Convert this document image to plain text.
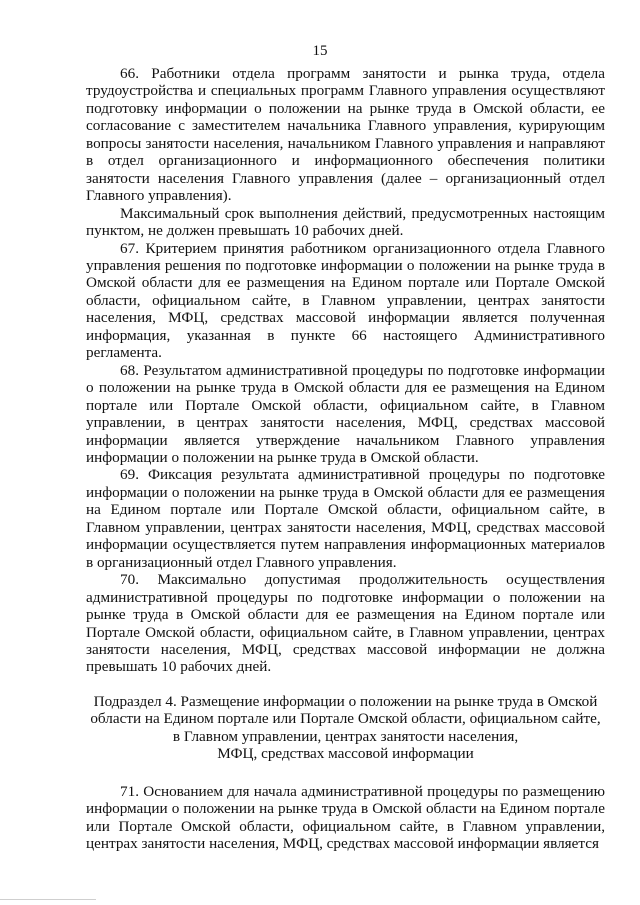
15

66. Работники отдела программ занятости и рынка труда, отдела трудоустройства и специальных программ Главного управления осуществляют подготовку информации о положении на рынке труда в Омской области, ее согласование с заместителем начальника Главного управления, курирующим вопросы занятости населения, начальником Главного управления и направляют в отдел организационного и информационного обеспечения политики занятости населения Главного управления (далее – организационный отдел Главного управления).

Максимальный срок выполнения действий, предусмотренных настоящим пунктом, не должен превышать 10 рабочих дней.

67. Критерием принятия работником организационного отдела Главного управления решения по подготовке информации о положении на рынке труда в Омской области для ее размещения на Едином портале или Портале Омской области, официальном сайте, в Главном управлении, центрах занятости населения, МФЦ, средствах массовой информации является полученная информация, указанная в пункте 66 настоящего Административного регламента.

68. Результатом административной процедуры по подготовке информации о положении на рынке труда в Омской области для ее размещения на Едином портале или Портале Омской области, официальном сайте, в Главном управлении, в центрах занятости населения, МФЦ, средствах массовой информации является утверждение начальником Главного управления информации о положении на рынке труда в Омской области.

69. Фиксация результата административной процедуры по подготовке информации о положении на рынке труда в Омской области для ее размещения на Едином портале или Портале Омской области, официальном сайте, в Главном управлении, центрах занятости населения, МФЦ, средствах массовой информации осуществляется путем направления информационных материалов в организационный отдел Главного управления.

70. Максимально допустимая продолжительность осуществления административной процедуры по подготовке информации о положении на рынке труда в Омской области для ее размещения на Едином портале или Портале Омской области, официальном сайте, в Главном управлении, центрах занятости населения, МФЦ, средствах массовой информации не должна превышать 10 рабочих дней.

Подраздел 4. Размещение информации о положении на рынке труда в Омской
области на Едином портале или Портале Омской области, официальном сайте,
в Главном управлении, центрах занятости населения,
МФЦ, средствах массовой информации

71. Основанием для начала административной процедуры по размещению информации о положении на рынке труда в Омской области на Едином портале или Портале Омской области, официальном сайте, в Главном управлении, центрах занятости населения, МФЦ, средствах массовой информации является
